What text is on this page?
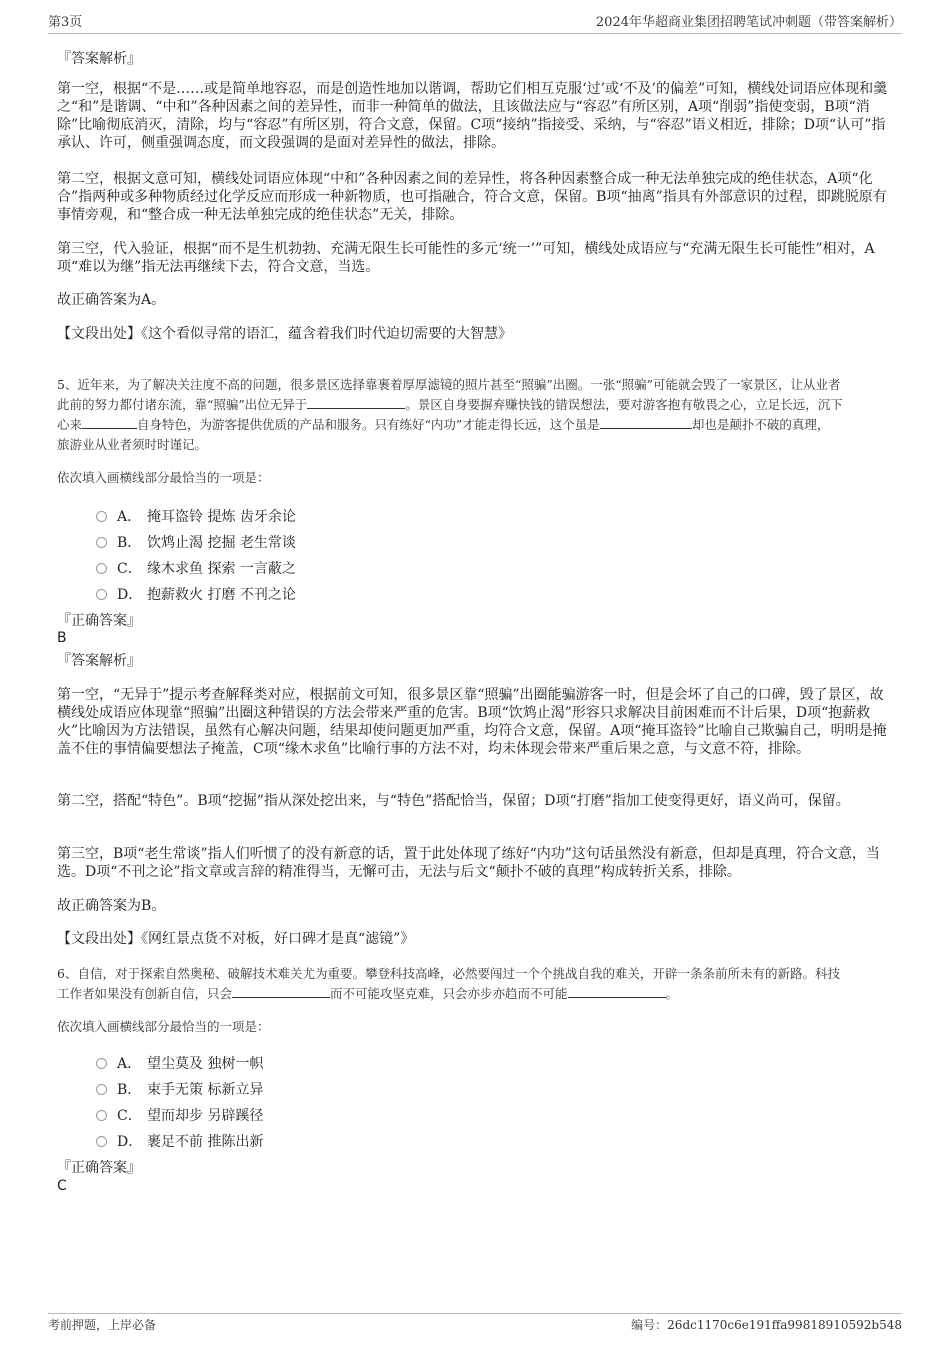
第3页	2024年华超商业集团招聘笔试冲刺题（带答案解析）
『答案解析』
第一空，根据“不是……或是简单地容忍，而是创造性地加以谐调，帮助它们相互克服‘过’或‘不及’的偏差”可知，横线处词语应体现和羹之“和”是谐调、“中和”各种因素之间的差异性，而非一种简单的做法，且该做法应与“容忍”有所区别，A项“削弱”指使变弱，B项“消除”比喻彻底消灭，清除，均与“容忍”有所区别，符合文意，保留。C项“接纳”指接受、采纳，与“容忍”语义相近，排除；D项“认可”指承认、许可，侧重强调态度，而文段强调的是面对差异性的做法，排除。
第二空，根据文意可知，横线处词语应体现“中和”各种因素之间的差异性，将各种因素整合成一种无法单独完成的绝佳状态，A项“化合”指两种或多种物质经过化学反应而形成一种新物质，也可指融合，符合文意，保留。B项“抽离”指具有外部意识的过程，即跳脱原有事情旁观，和“整合成一种无法单独完成的绝佳状态”无关，排除。
第三空，代入验证，根据“而不是生机勃勃、充满无限生长可能性的多元‘统一’”可知，横线处成语应与“充满无限生长可能性”相对，A项“难以为继”指无法再继续下去，符合文意，当选。
故正确答案为A。
【文段出处】《这个看似寻常的语汇，蕴含着我们时代迫切需要的大智慧》
5、近年来，为了解决关注度不高的问题，很多景区选择靠裹着厚厚滤镜的照片甚至“照骗”出圈。一张“照骗”可能就会毁了一家景区，让从业者
此前的努力都付诸东流，靠“照骗”出位无异于	。景区自身要摒弃赚快钱的错误想法，要对游客抱有敬畏之心，立足长远，沉下
心来	自身特色，为游客提供优质的产品和服务。只有练好“内功”才能走得长远，这个虽是	却也是颠扑不破的真理，
旅游业从业者须时时谨记。
依次填入画横线部分最恰当的一项是：
A． 掩耳盗铃 提炼 齿牙余论
B． 饮鸩止渴 挖掘 老生常谈
C． 缘木求鱼 探索 一言蔽之
D． 抱薪救火 打磨 不刊之论
『正确答案』
B
『答案解析』
第一空，“无异于”提示考查解释类对应，根据前文可知，很多景区靠“照骗”出圈能骗游客一时，但是会坏了自己的口碑，毁了景区，故横线处成语应体现靠“照骗”出圈这种错误的方法会带来严重的危害。B项“饮鸩止渴”形容只求解决目前困难而不计后果，D项“抱薪救火”比喻因为方法错误，虽然有心解决问题，结果却使问题更加严重，均符合文意，保留。A项“掩耳盗铃”比喻自己欺骗自己，明明是掩盖不住的事情偏要想法子掩盖，C项“缘木求鱼”比喻行事的方法不对，均未体现会带来严重后果之意，与文意不符，排除。
第二空，搭配“特色”。B项“挖掘”指从深处挖出来，与“特色”搭配恰当，保留；D项“打磨”指加工使变得更好，语义尚可，保留。
第三空，B项“老生常谈”指人们听惯了的没有新意的话，置于此处体现了练好“内功”这句话虽然没有新意，但却是真理，符合文意，当选。D项“不刊之论”指文章或言辞的精准得当，无懈可击，无法与后文“颠扑不破的真理”构成转折关系，排除。
故正确答案为B。
【文段出处】《网红景点货不对板，好口碑才是真“滤镜”》
6、自信，对于探索自然奥秘、破解技术难关尤为重要。攀登科技高峰，必然要闯过一个个挑战自我的难关，开辟一条条前所未有的新路。科技
工作者如果没有创新自信，只会	而不可能攻坚克难，只会亦步亦趋而不可能	。
依次填入画横线部分最恰当的一项是：
A． 望尘莫及 独树一帜
B． 束手无策 标新立异
C． 望而却步 另辟蹊径
D． 裹足不前 推陈出新
『正确答案』
C
考前押题，上岸必备	编号：26dc1170c6e191ffa99818910592b548
